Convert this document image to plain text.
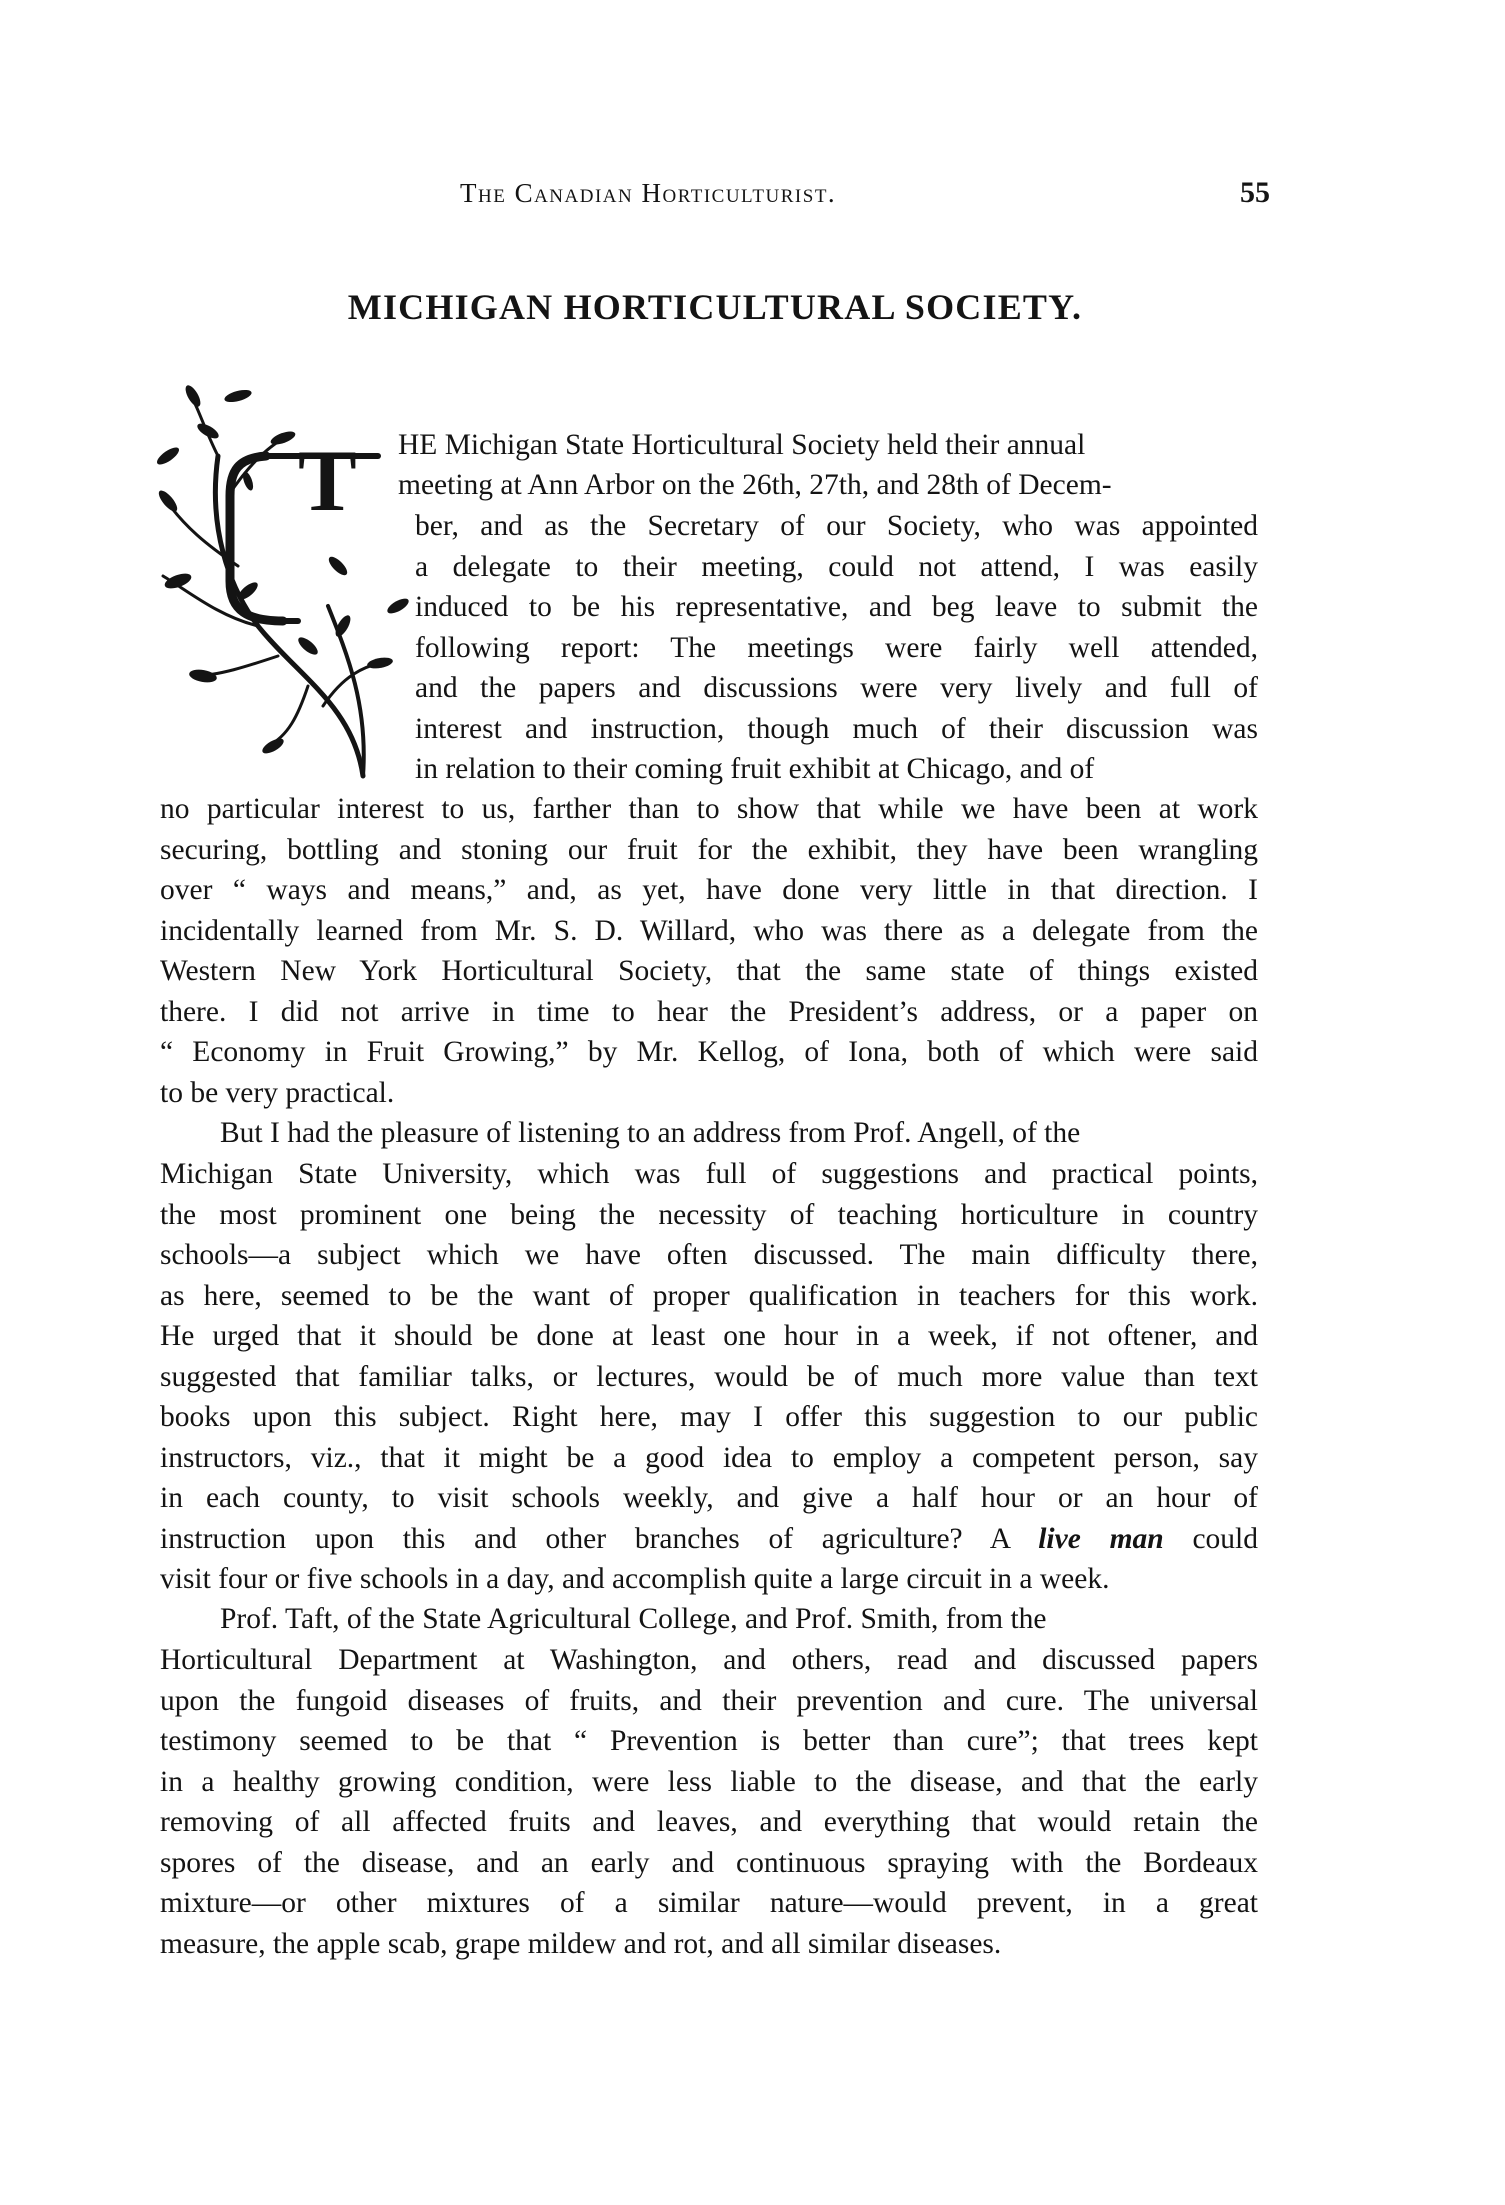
The Canadian Horticulturist.	55
MICHIGAN HORTICULTURAL SOCIETY.
T HE Michigan State Horticultural Society held their annual

meeting at Ann Arbor on the 26th, 27th, and 28th of Decem-

ber, and as the Secretary of our Society, who was appointed
a delegate to their meeting, could not attend, I was easily
induced to be his representative, and beg leave to submit the
following report: The meetings were fairly well attended,
and the papers and discussions were very lively and full of
interest and instruction, though much of their discussion was
in relation to their coming fruit exhibit at Chicago, and of

no particular interest to us, farther than to show that while we have been at work
securing, bottling and stoning our fruit for the exhibit, they have been wrangling
over “ ways and means,” and, as yet, have done very little in that direction. I
incidentally learned from Mr. S. D. Willard, who was there as a delegate from the
Western New York Horticultural Society, that the same state of things existed
there. I did not arrive in time to hear the President’s address, or a paper on
“ Economy in Fruit Growing,” by Mr. Kellog, of Iona, both of which were said
to be very practical.

But I had the pleasure of listening to an address from Prof. Angell, of the

Michigan State University, which was full of suggestions and practical points,
the most prominent one being the necessity of teaching horticulture in country
schools—a subject which we have often discussed. The main difficulty there,
as here, seemed to be the want of proper qualification in teachers for this work.
He urged that it should be done at least one hour in a week, if not oftener, and
suggested that familiar talks, or lectures, would be of much more value than text
books upon this subject. Right here, may I offer this suggestion to our public
instructors, viz., that it might be a good idea to employ a competent person, say
in each county, to visit schools weekly, and give a half hour or an hour of
instruction upon this and other branches of agriculture? A live man could
visit four or five schools in a day, and accomplish quite a large circuit in a week.

Prof. Taft, of the State Agricultural College, and Prof. Smith, from the

Horticultural Department at Washington, and others, read and discussed papers
upon the fungoid diseases of fruits, and their prevention and cure. The universal
testimony seemed to be that “ Prevention is better than cure”; that trees kept
in a healthy growing condition, were less liable to the disease, and that the early
removing of all affected fruits and leaves, and everything that would retain the
spores of the disease, and an early and continuous spraying with the Bordeaux
mixture—or other mixtures of a similar nature—would prevent, in a great
measure, the apple scab, grape mildew and rot, and all similar diseases.
